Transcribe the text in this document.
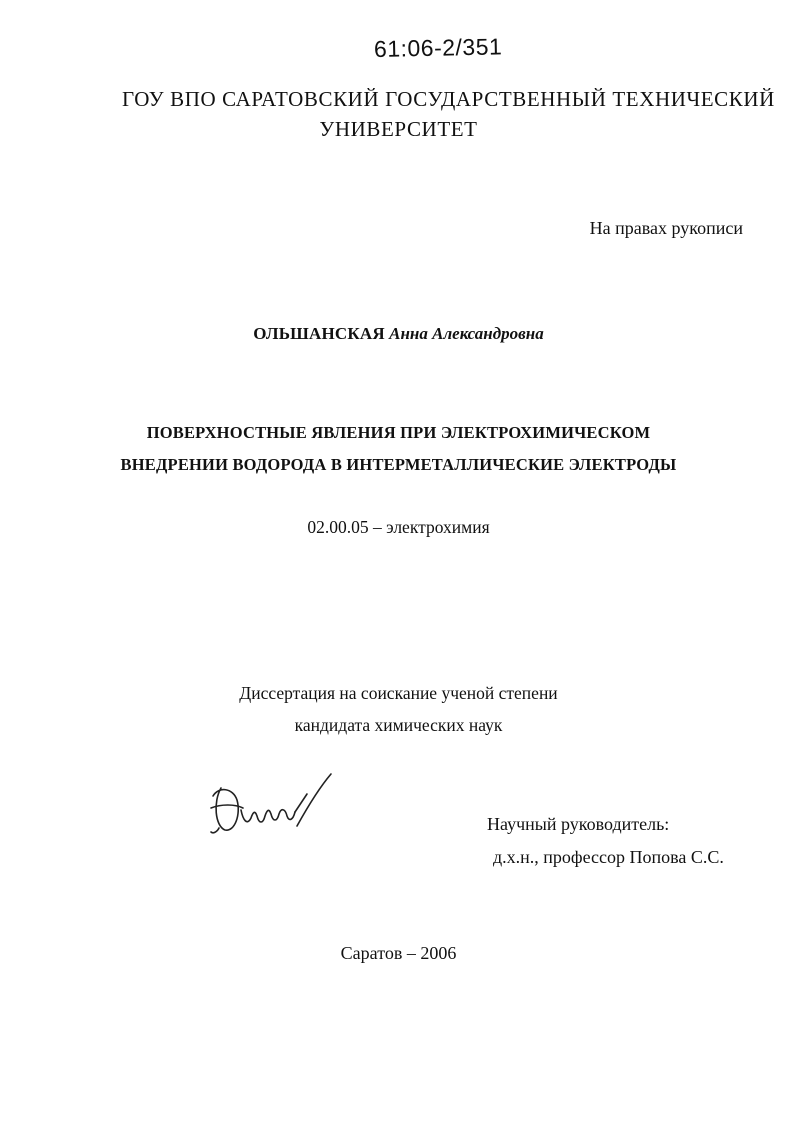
61:06-2/351
ГОУ ВПО САРАТОВСКИЙ ГОСУДАРСТВЕННЫЙ ТЕХНИЧЕСКИЙ
УНИВЕРСИТЕТ
На правах рукописи
ОЛЬШАНСКАЯ Анна Александровна
ПОВЕРХНОСТНЫЕ ЯВЛЕНИЯ ПРИ ЭЛЕКТРОХИМИЧЕСКОМ
ВНЕДРЕНИИ ВОДОРОДА В ИНТЕРМЕТАЛЛИЧЕСКИЕ ЭЛЕКТРОДЫ
02.00.05 – электрохимия
Диссертация на соискание ученой степени
кандидата химических наук
Научный руководитель:
д.х.н., профессор Попова С.С.
Саратов – 2006
